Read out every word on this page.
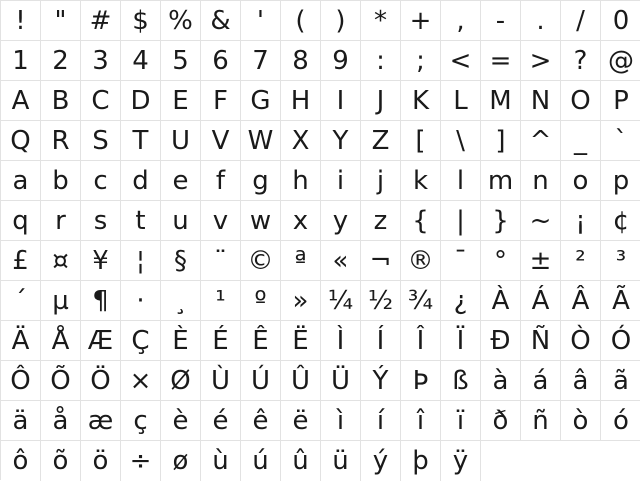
!	" # $ % &	'	(	)	* + ,	-	.	/	0
1 2 3 4 5 6 7 8 9	:	; < = > ? @
A B C D E F G H	I	J	K L M N O P
Q R S T U V W X Y Z	[	\	] ^ _	`
a b c d e	f	g h	i	j	k	l m n o p
q	r	s	t	u v w x y z {	|	} ~ ¡	¢
£ ¤ ¥	¦	§	¨ © ª « ¬ ® ¯	° ± ²	³
´ µ ¶	·	¸	¹	º » ¼ ½ ¾ ¿ À Á Â Ã
Ä Å Æ Ç È É Ê Ë	Ì	Í	Î	Ï	Ð Ñ Ò Ó
Ô Õ Ö × Ø Ù Ú Û Ü Ý Þ ß à á â ã
ä å æ ç è é ê ë	ì	í	î	ï	ð ñ ò ó
ô õ ö ÷ ø ù ú û ü ý þ ÿ
